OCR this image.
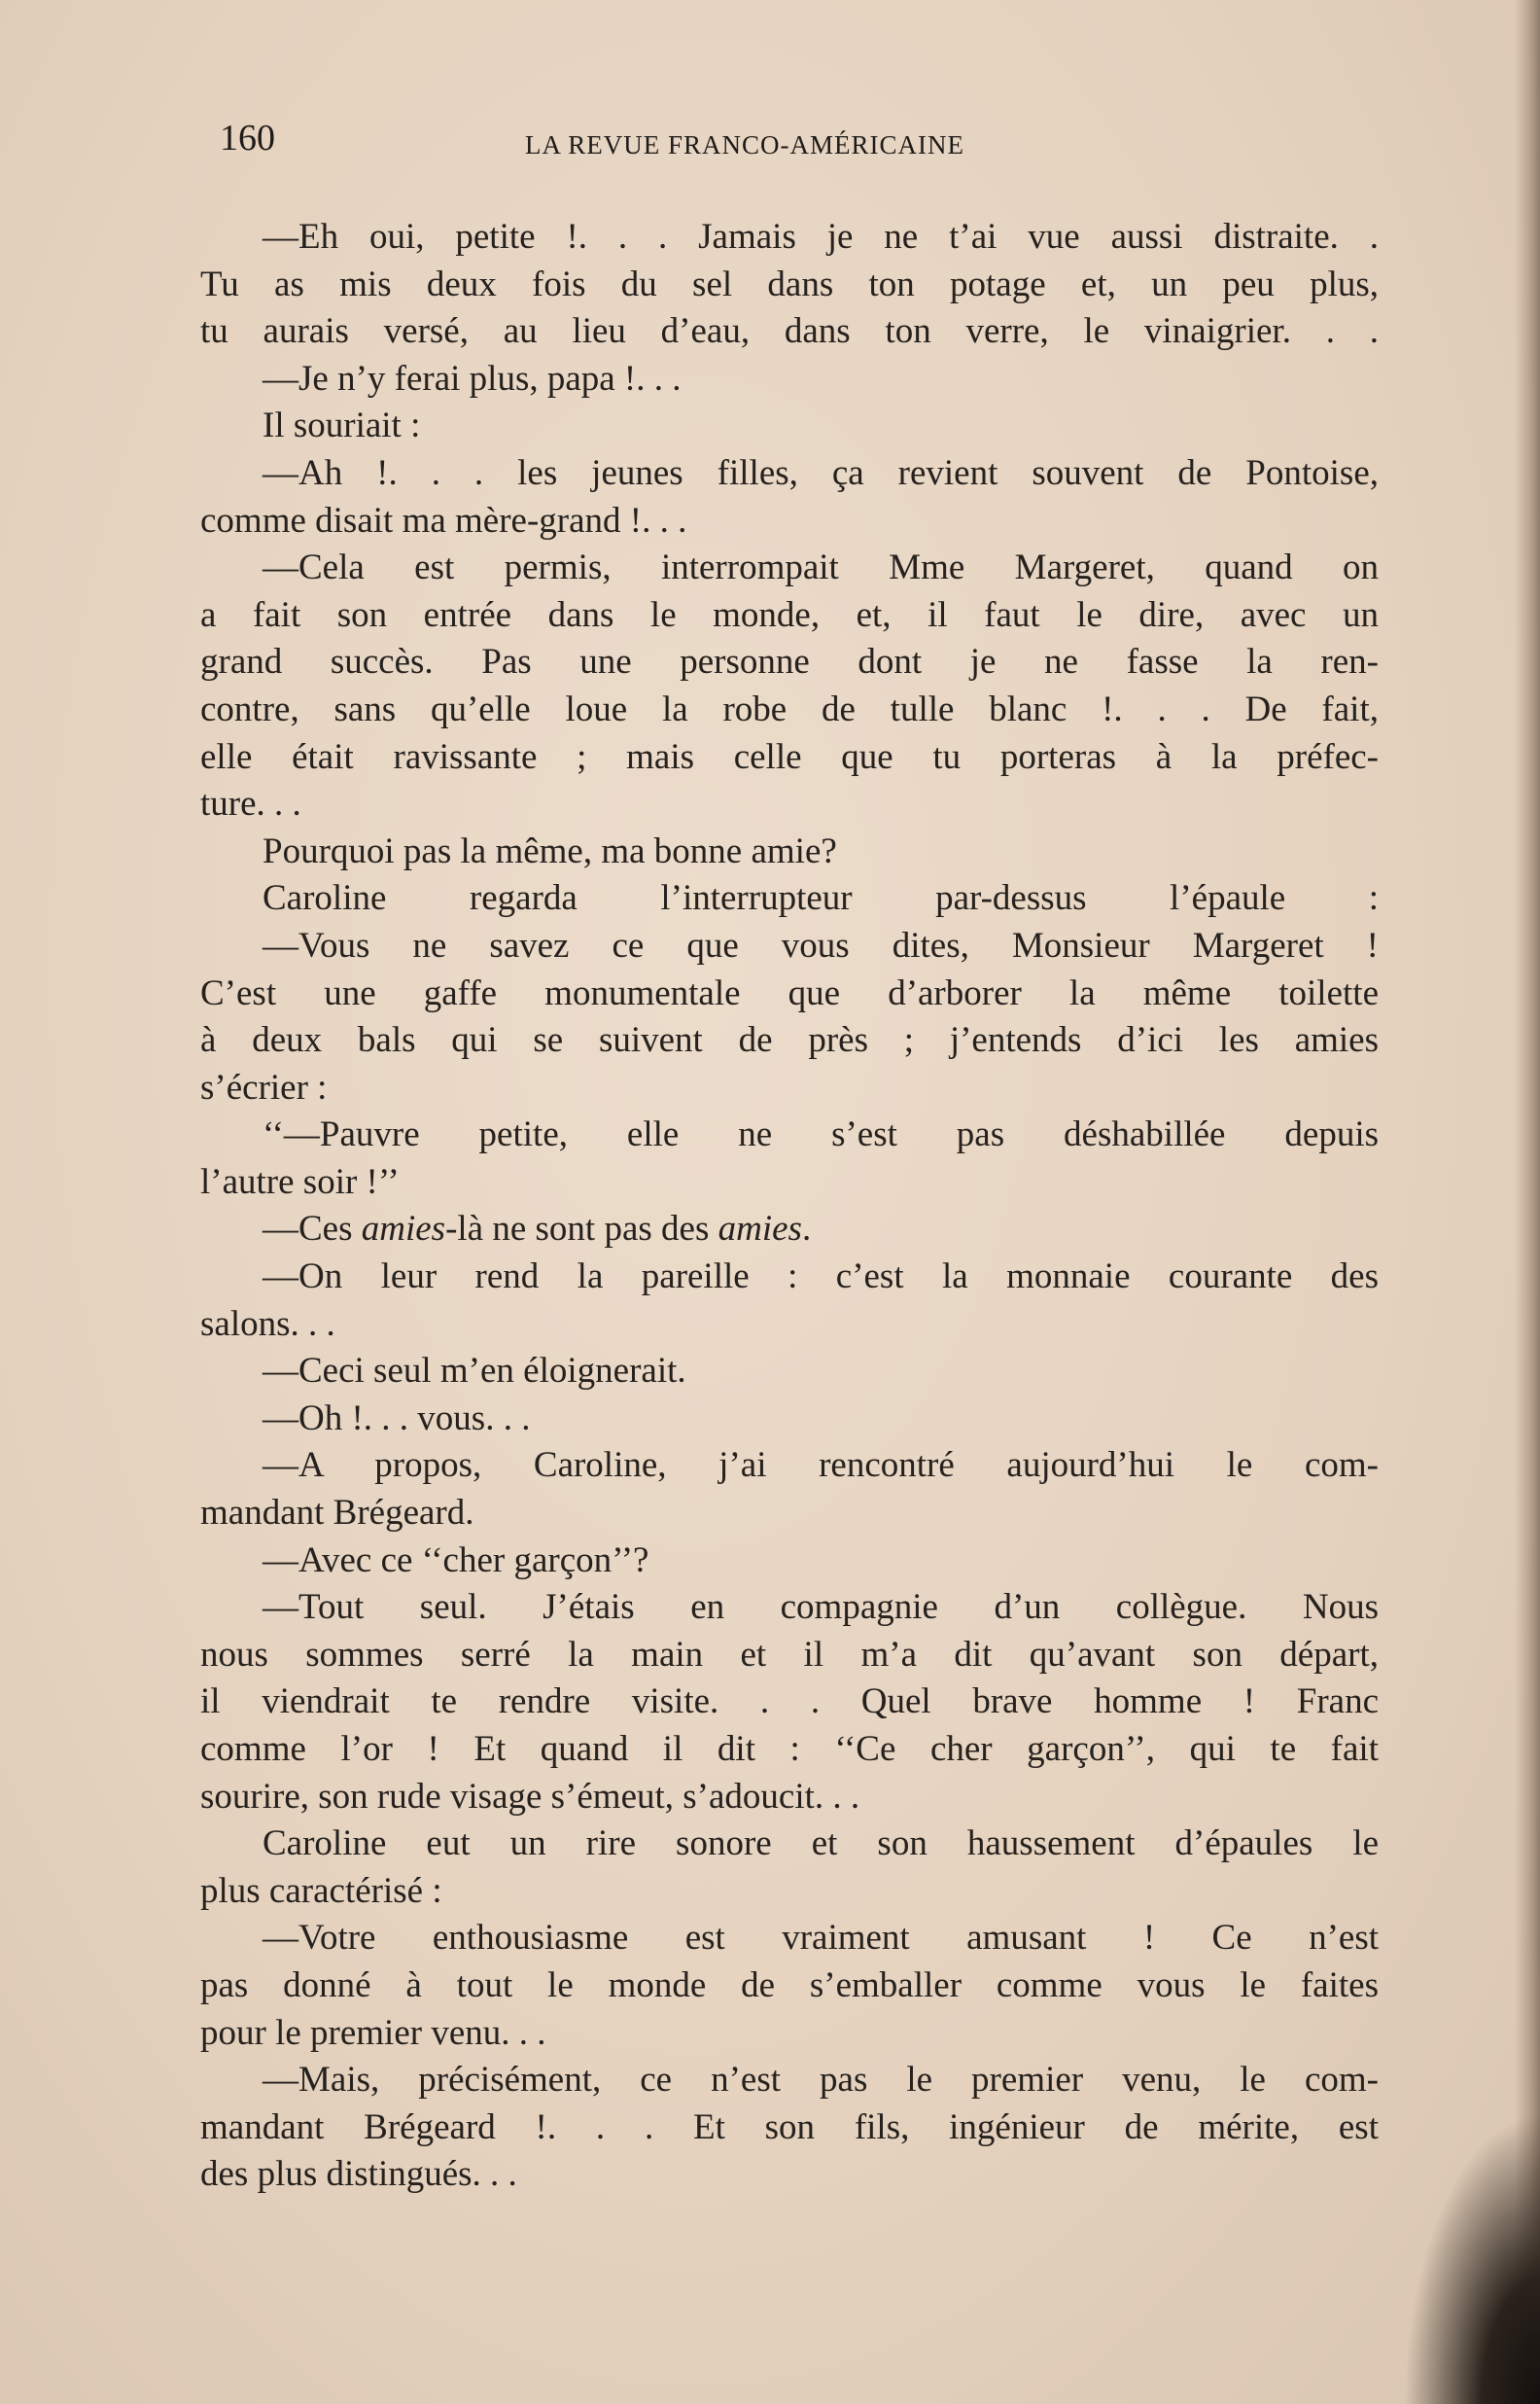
160	LA REVUE FRANCO-AMÉRICAINE
—Eh oui, petite !. . . Jamais je ne t’ai vue aussi distraite. .
Tu as mis deux fois du sel dans ton potage et, un peu plus,
tu aurais versé, au lieu d’eau, dans ton verre, le vinaigrier. . .
—Je n’y ferai plus, papa !. . .
Il souriait :
—Ah !. . . les jeunes filles, ça revient souvent de Pontoise,
comme disait ma mère-grand !. . .
—Cela est permis, interrompait Mme Margeret, quand on
a fait son entrée dans le monde, et, il faut le dire, avec un
grand succès. Pas une personne dont je ne fasse la ren-
contre, sans qu’elle loue la robe de tulle blanc !. . . De fait,
elle était ravissante ; mais celle que tu porteras à la préfec-
ture. . .
Pourquoi pas la même, ma bonne amie?
Caroline regarda l’interrupteur par-dessus l’épaule :
—Vous ne savez ce que vous dites, Monsieur Margeret !
C’est une gaffe monumentale que d’arborer la même toilette
à deux bals qui se suivent de près ; j’entends d’ici les amies
s’écrier :
‘‘—Pauvre petite, elle ne s’est pas déshabillée depuis
l’autre soir !’’
—Ces amies-là ne sont pas des amies.
—On leur rend la pareille : c’est la monnaie courante des
salons. . .
—Ceci seul m’en éloignerait.
—Oh !. . . vous. . .
—A propos, Caroline, j’ai rencontré aujourd’hui le com-
mandant Brégeard.
—Avec ce ‘‘cher garçon’’?
—Tout seul. J’étais en compagnie d’un collègue. Nous
nous sommes serré la main et il m’a dit qu’avant son départ,
il viendrait te rendre visite. . . Quel brave homme ! Franc
comme l’or ! Et quand il dit : ‘‘Ce cher garçon’’, qui te fait
sourire, son rude visage s’émeut, s’adoucit. . .
Caroline eut un rire sonore et son haussement d’épaules le
plus caractérisé :
—Votre enthousiasme est vraiment amusant ! Ce n’est
pas donné à tout le monde de s’emballer comme vous le faites
pour le premier venu. . .
—Mais, précisément, ce n’est pas le premier venu, le com-
mandant Brégeard !. . . Et son fils, ingénieur de mérite, est
des plus distingués. . .
